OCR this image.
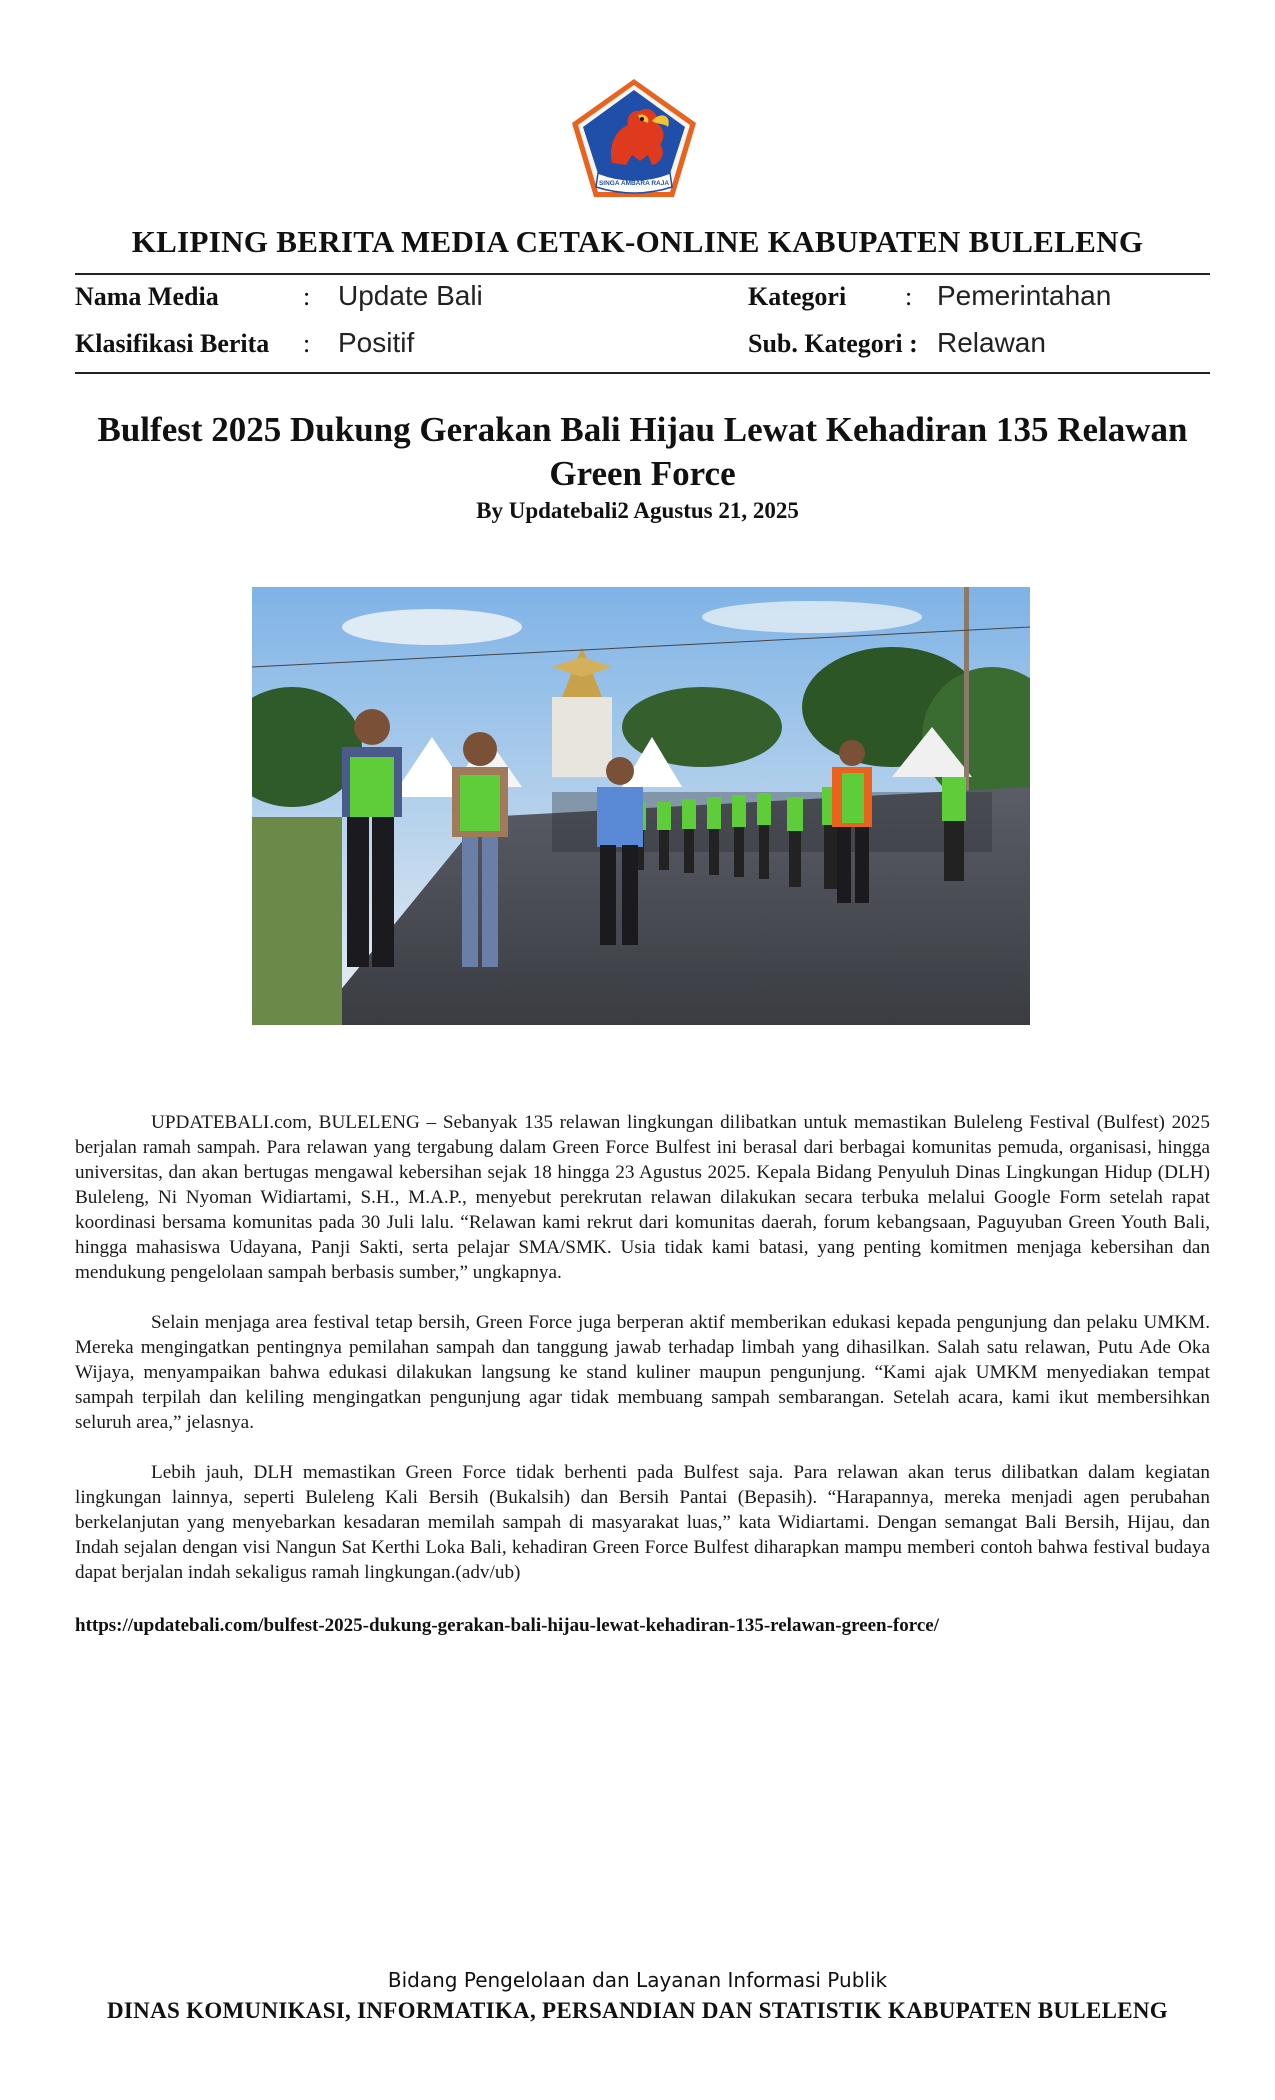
SINGA AMBARA RAJA
KLIPING BERITA MEDIA CETAK-ONLINE KABUPATEN BULELENG
Nama Media	: Update Bali	Kategori : Pemerintahan
Klasifikasi Berita : Positif	Sub. Kategori : Relawan
Bulfest 2025 Dukung Gerakan Bali Hijau Lewat Kehadiran 135 Relawan Green Force
By Updatebali2 Agustus 21, 2025

UPDATEBALI.com, BULELENG – Sebanyak 135 relawan lingkungan dilibatkan untuk memastikan Buleleng Festival (Bulfest) 2025 berjalan ramah sampah. Para relawan yang tergabung dalam Green Force Bulfest ini berasal dari berbagai komunitas pemuda, organisasi, hingga universitas, dan akan bertugas mengawal kebersihan sejak 18 hingga 23 Agustus 2025. Kepala Bidang Penyuluh Dinas Lingkungan Hidup (DLH) Buleleng, Ni Nyoman Widiartami, S.H., M.A.P., menyebut perekrutan relawan dilakukan secara terbuka melalui Google Form setelah rapat koordinasi bersama komunitas pada 30 Juli lalu. “Relawan kami rekrut dari komunitas daerah, forum kebangsaan, Paguyuban Green Youth Bali, hingga mahasiswa Udayana, Panji Sakti, serta pelajar SMA/SMK. Usia tidak kami batasi, yang penting komitmen menjaga kebersihan dan mendukung pengelolaan sampah berbasis sumber,” ungkapnya.

Selain menjaga area festival tetap bersih, Green Force juga berperan aktif memberikan edukasi kepada pengunjung dan pelaku UMKM. Mereka mengingatkan pentingnya pemilahan sampah dan tanggung jawab terhadap limbah yang dihasilkan. Salah satu relawan, Putu Ade Oka Wijaya, menyampaikan bahwa edukasi dilakukan langsung ke stand kuliner maupun pengunjung. “Kami ajak UMKM menyediakan tempat sampah terpilah dan keliling mengingatkan pengunjung agar tidak membuang sampah sembarangan. Setelah acara, kami ikut membersihkan seluruh area,” jelasnya.

Lebih jauh, DLH memastikan Green Force tidak berhenti pada Bulfest saja. Para relawan akan terus dilibatkan dalam kegiatan lingkungan lainnya, seperti Buleleng Kali Bersih (Bukalsih) dan Bersih Pantai (Bepasih). “Harapannya, mereka menjadi agen perubahan berkelanjutan yang menyebarkan kesadaran memilah sampah di masyarakat luas,” kata Widiartami. Dengan semangat Bali Bersih, Hijau, dan Indah sejalan dengan visi Nangun Sat Kerthi Loka Bali, kehadiran Green Force Bulfest diharapkan mampu memberi contoh bahwa festival budaya dapat berjalan indah sekaligus ramah lingkungan.(adv/ub)

https://updatebali.com/bulfest-2025-dukung-gerakan-bali-hijau-lewat-kehadiran-135-relawan-green-force/
Bidang Pengelolaan dan Layanan Informasi Publik
DINAS KOMUNIKASI, INFORMATIKA, PERSANDIAN DAN STATISTIK KABUPATEN BULELENG
